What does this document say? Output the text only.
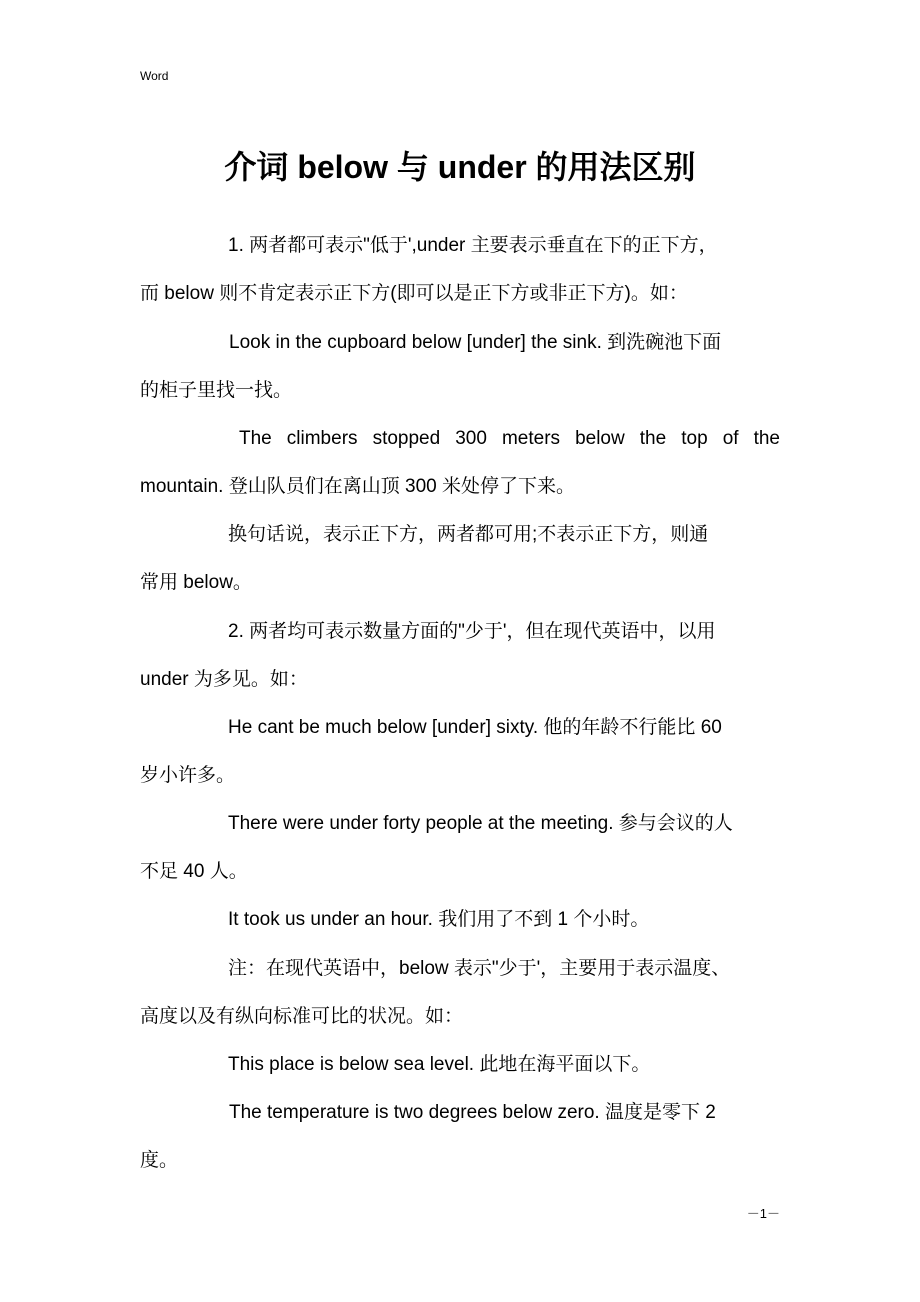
Word
介词 below 与 under 的用法区别
1. 两者都可表示"低于',under 主要表示垂直在下的正下方，
而 below 则不肯定表示正下方(即可以是正下方或非正下方)。如：
Look in the cupboard below [under] the sink. 到洗碗池下面
的柜子里找一找。
The climbers stopped 300 meters below the top of the
mountain. 登山队员们在离山顶 300 米处停了下来。
换句话说，表示正下方，两者都可用;不表示正下方，则通
常用 below。
2. 两者均可表示数量方面的"少于'，但在现代英语中，以用
under 为多见。如：
He cant be much below [under] sixty. 他的年龄不行能比 60
岁小许多。
There were under forty people at the meeting. 参与会议的人
不足 40 人。
It took us under an hour. 我们用了不到 1 个小时。
注：在现代英语中，below 表示"少于'，主要用于表示温度、
高度以及有纵向标准可比的状况。如：
This place is below sea level. 此地在海平面以下。
The temperature is two degrees below zero. 温度是零下 2
度。
－1－
